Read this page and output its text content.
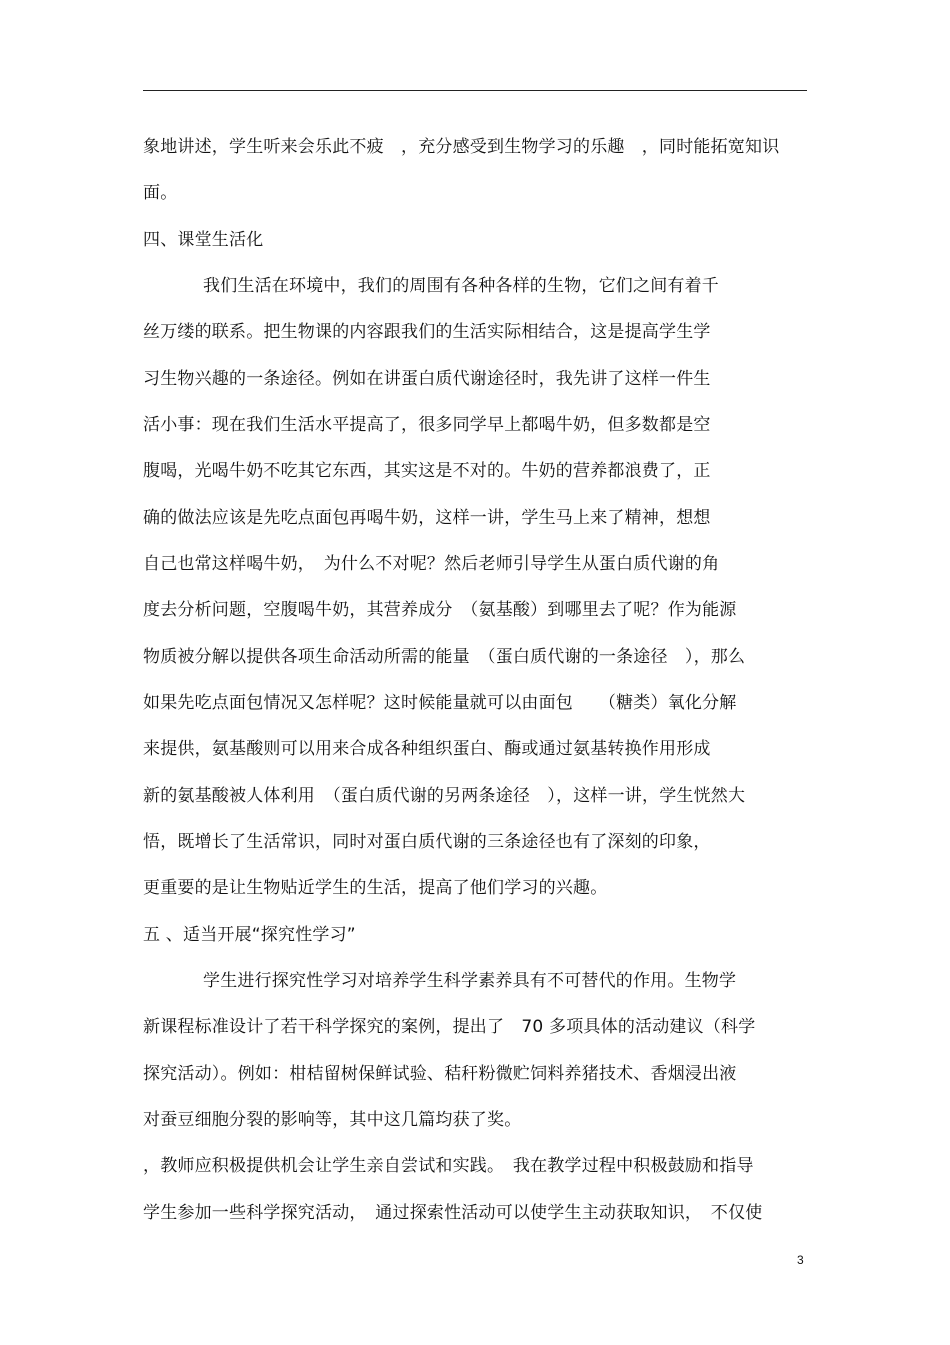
象地讲述，学生听来会乐此不疲　，充分感受到生物学习的乐趣　，同时能拓宽知识
面。
四、课堂生活化
我们生活在环境中，我们的周围有各种各样的生物，它们之间有着千
丝万缕的联系。把生物课的内容跟我们的生活实际相结合，这是提高学生学
习生物兴趣的一条途径。例如在讲蛋白质代谢途径时，我先讲了这样一件生
活小事：现在我们生活水平提高了，很多同学早上都喝牛奶，但多数都是空
腹喝，光喝牛奶不吃其它东西，其实这是不对的。牛奶的营养都浪费了，正
确的做法应该是先吃点面包再喝牛奶，这样一讲，学生马上来了精神，想想
自己也常这样喝牛奶，　为什么不对呢？然后老师引导学生从蛋白质代谢的角
度去分析问题，空腹喝牛奶，其营养成分　（氨基酸）到哪里去了呢？作为能源
物质被分解以提供各项生命活动所需的能量　（蛋白质代谢的一条途径　），那么
如果先吃点面包情况又怎样呢？这时候能量就可以由面包　　（糖类）氧化分解
来提供，氨基酸则可以用来合成各种组织蛋白、酶或通过氨基转换作用形成
新的氨基酸被人体利用　（蛋白质代谢的另两条途径　），这样一讲，学生恍然大
悟，既增长了生活常识，同时对蛋白质代谢的三条途径也有了深刻的印象，
更重要的是让生物贴近学生的生活，提高了他们学习的兴趣。
五 、适当开展“探究性学习”
学生进行探究性学习对培养学生科学素养具有不可替代的作用。生物学
新课程标准设计了若干科学探究的案例，提出了　70 多项具体的活动建议（科学
探究活动）。例如：柑桔留树保鲜试验、秸秆粉微贮饲料养猪技术、香烟浸出液
对蚕豆细胞分裂的影响等，其中这几篇均获了奖。
，教师应积极提供机会让学生亲自尝试和实践。　我在教学过程中积极鼓励和指导
学生参加一些科学探究活动，　通过探索性活动可以使学生主动获取知识，　不仅使
3
